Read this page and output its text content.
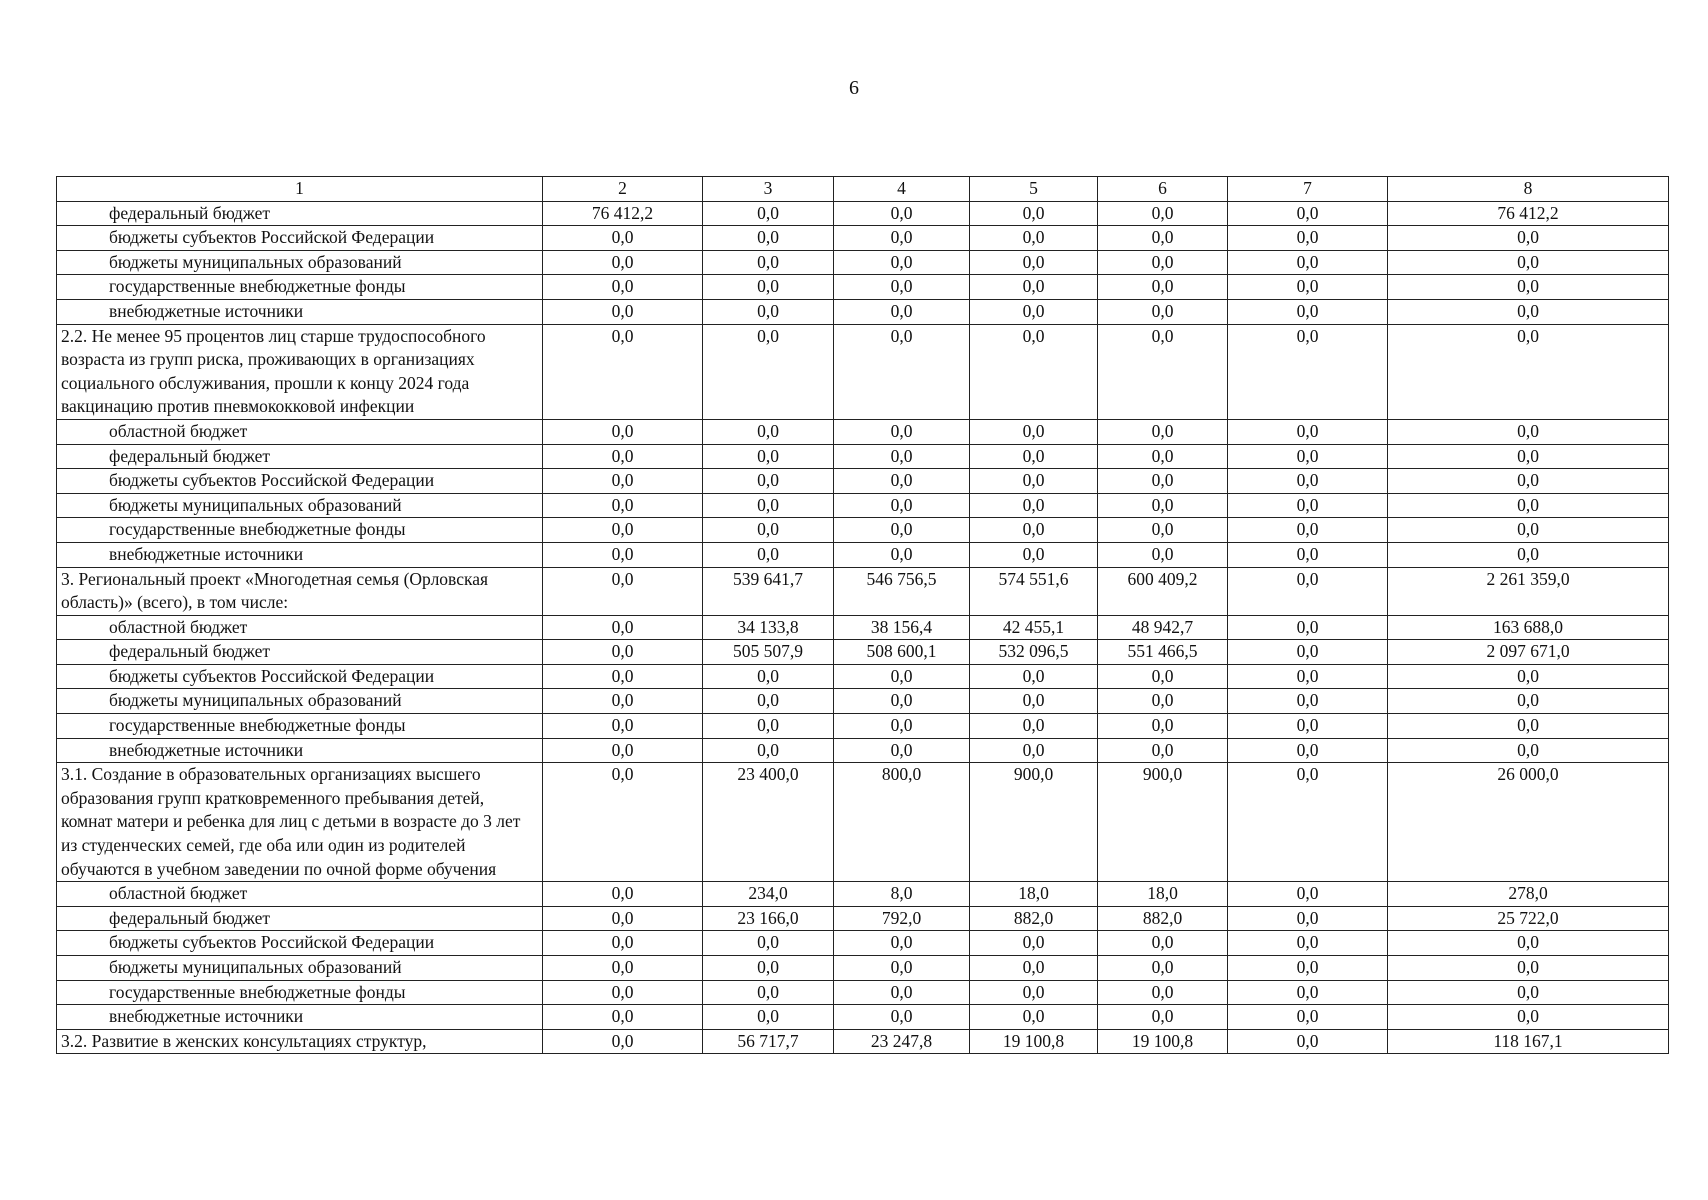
6
1	2	3	4	5	6	7	8
федеральный бюджет	76 412,2	0,0	0,0	0,0	0,0	0,0	76 412,2
бюджеты субъектов Российской Федерации	0,0	0,0	0,0	0,0	0,0	0,0	0,0
бюджеты муниципальных образований	0,0	0,0	0,0	0,0	0,0	0,0	0,0
государственные внебюджетные фонды	0,0	0,0	0,0	0,0	0,0	0,0	0,0
внебюджетные источники	0,0	0,0	0,0	0,0	0,0	0,0	0,0
2.2. Не менее 95 процентов лиц старше трудоспособного возраста из групп риска, проживающих в организациях социального обслуживания, прошли к концу 2024 года вакцинацию против пневмококковой инфекции	0,0	0,0	0,0	0,0	0,0	0,0	0,0
областной бюджет	0,0	0,0	0,0	0,0	0,0	0,0	0,0
федеральный бюджет	0,0	0,0	0,0	0,0	0,0	0,0	0,0
бюджеты субъектов Российской Федерации	0,0	0,0	0,0	0,0	0,0	0,0	0,0
бюджеты муниципальных образований	0,0	0,0	0,0	0,0	0,0	0,0	0,0
государственные внебюджетные фонды	0,0	0,0	0,0	0,0	0,0	0,0	0,0
внебюджетные источники	0,0	0,0	0,0	0,0	0,0	0,0	0,0
3. Региональный проект «Многодетная семья (Орловская область)» (всего), в том числе:	0,0	539 641,7	546 756,5	574 551,6	600 409,2	0,0	2 261 359,0
областной бюджет	0,0	34 133,8	38 156,4	42 455,1	48 942,7	0,0	163 688,0
федеральный бюджет	0,0	505 507,9	508 600,1	532 096,5	551 466,5	0,0	2 097 671,0
бюджеты субъектов Российской Федерации	0,0	0,0	0,0	0,0	0,0	0,0	0,0
бюджеты муниципальных образований	0,0	0,0	0,0	0,0	0,0	0,0	0,0
государственные внебюджетные фонды	0,0	0,0	0,0	0,0	0,0	0,0	0,0
внебюджетные источники	0,0	0,0	0,0	0,0	0,0	0,0	0,0
3.1. Создание в образовательных организациях высшего образования групп кратковременного пребывания детей, комнат матери и ребенка для лиц с детьми в возрасте до 3 лет из студенческих семей, где оба или один из родителей обучаются в учебном заведении по очной форме обучения	0,0	23 400,0	800,0	900,0	900,0	0,0	26 000,0
областной бюджет	0,0	234,0	8,0	18,0	18,0	0,0	278,0
федеральный бюджет	0,0	23 166,0	792,0	882,0	882,0	0,0	25 722,0
бюджеты субъектов Российской Федерации	0,0	0,0	0,0	0,0	0,0	0,0	0,0
бюджеты муниципальных образований	0,0	0,0	0,0	0,0	0,0	0,0	0,0
государственные внебюджетные фонды	0,0	0,0	0,0	0,0	0,0	0,0	0,0
внебюджетные источники	0,0	0,0	0,0	0,0	0,0	0,0	0,0
3.2. Развитие в женских консультациях структур,	0,0	56 717,7	23 247,8	19 100,8	19 100,8	0,0	118 167,1
